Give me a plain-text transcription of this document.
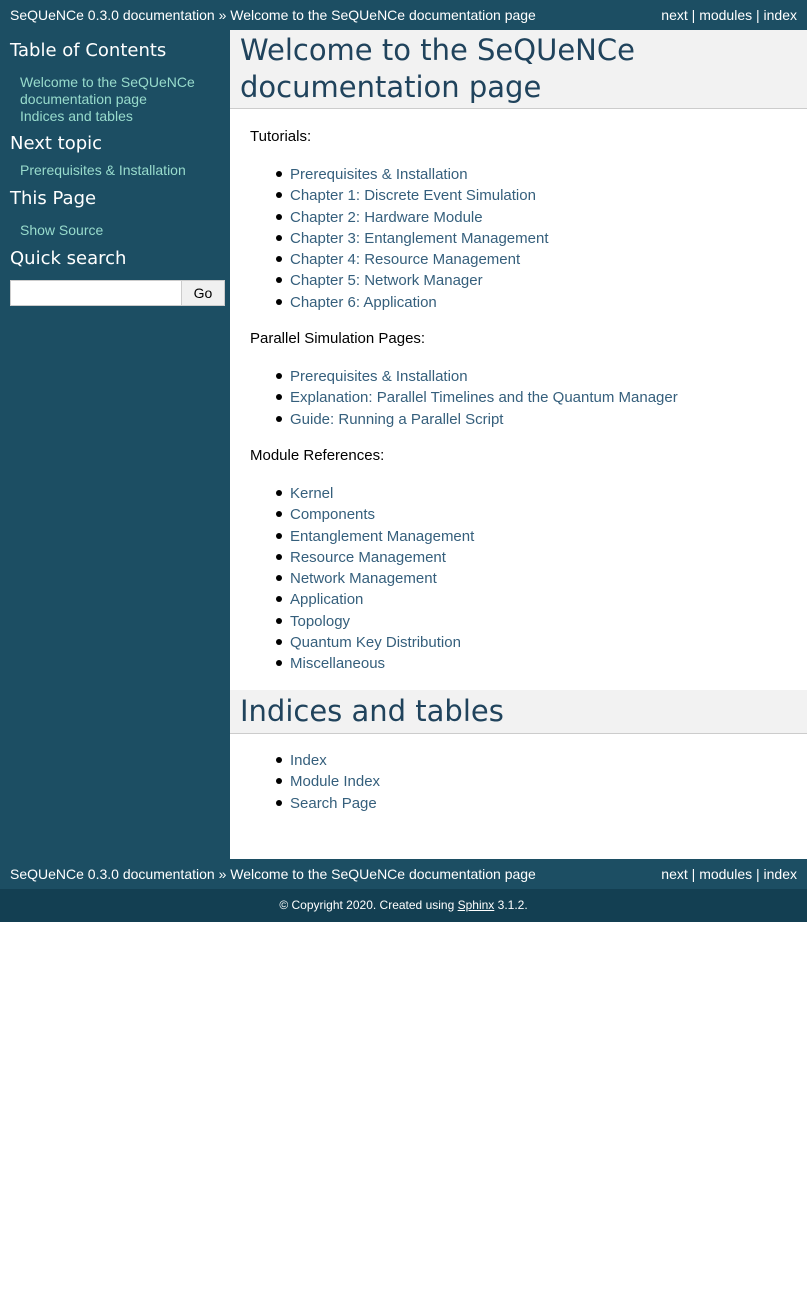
SeQUeNCe 0.3.0 documentation » Welcome to the SeQUeNCe documentation page	next | modules | index
Table of Contents
Welcome to the SeQUeNCe
documentation page
Indices and tables
Next topic
Prerequisites & Installation
This Page
Show Source
Quick search
Go
Welcome to the SeQUeNCe
documentation page
Tutorials:
Prerequisites & Installation
Chapter 1: Discrete Event Simulation
Chapter 2: Hardware Module
Chapter 3: Entanglement Management
Chapter 4: Resource Management
Chapter 5: Network Manager
Chapter 6: Application
Parallel Simulation Pages:
Prerequisites & Installation
Explanation: Parallel Timelines and the Quantum Manager
Guide: Running a Parallel Script
Module References:
Kernel
Components
Entanglement Management
Resource Management
Network Management
Application
Topology
Quantum Key Distribution
Miscellaneous
Indices and tables
Index
Module Index
Search Page
SeQUeNCe 0.3.0 documentation » Welcome to the SeQUeNCe documentation page	next | modules | index
© Copyright 2020. Created using Sphinx 3.1.2.
